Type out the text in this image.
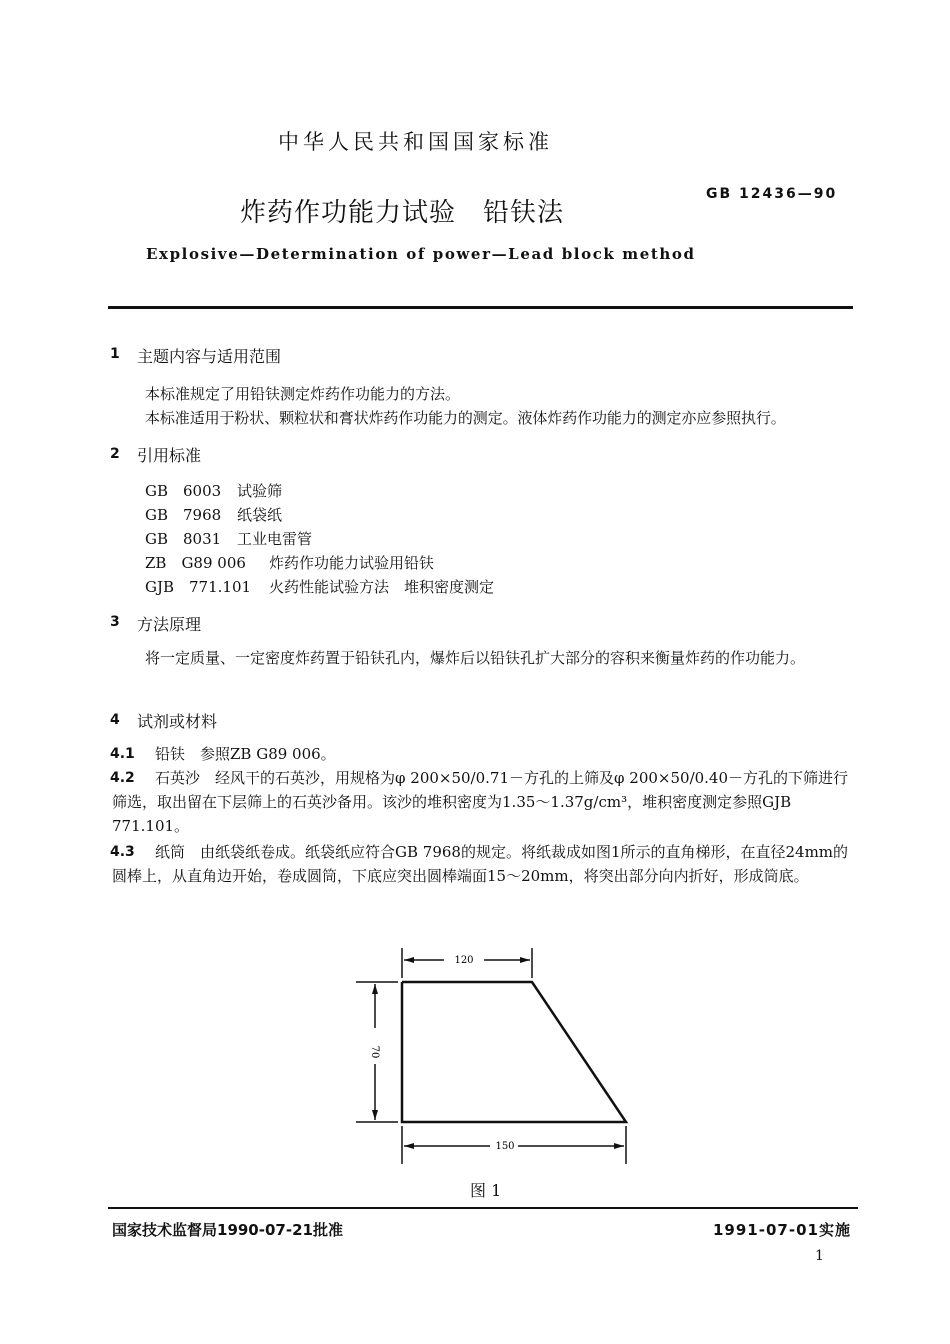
中华人民共和国国家标准
炸药作功能力试验　铅𫓧法
GB 12436—90
Explosive—Determination of power—Lead block method
1 主题内容与适用范围
本标准规定了用铅𫓧测定炸药作功能力的方法。
本标准适用于粉状、颗粒状和膏状炸药作功能力的测定。液体炸药作功能力的测定亦应参照执行。
2 引用标准
GB　6003 试验筛
GB　7968 纸袋纸
GB　8031 工业电雷管
ZB　G89 006 炸药作功能力试验用铅𫓧
GJB　771.101 火药性能试验方法　堆积密度测定
3 方法原理

将一定质量、一定密度炸药置于铅𫓧孔内，爆炸后以铅𫓧孔扩大部分的容积来衡量炸药的作功能力。

4 试剂或材料
4.1 铅𫓧　参照ZB G89 006。
4.2	石英沙　经风干的石英沙，用规格为φ 200×50/0.71－方孔的上筛及φ 200×50/0.40－方孔的下筛进行筛选，取出留在下层筛上的石英沙备用。该沙的堆积密度为1.35～1.37g/cm³，堆积密度测定参照GJB 771.101。

4.3	纸筒　由纸袋纸卷成。纸袋纸应符合GB 7968的规定。将纸裁成如图1所示的直角梯形，在直径24mm的圆棒上，从直角边开始，卷成圆筒，下底应突出圆棒端面15～20mm，将突出部分向内折好，形成筒底。

120
70
150
图 1
国家技术监督局1990-07-21批准	1991-07-01实施
1
